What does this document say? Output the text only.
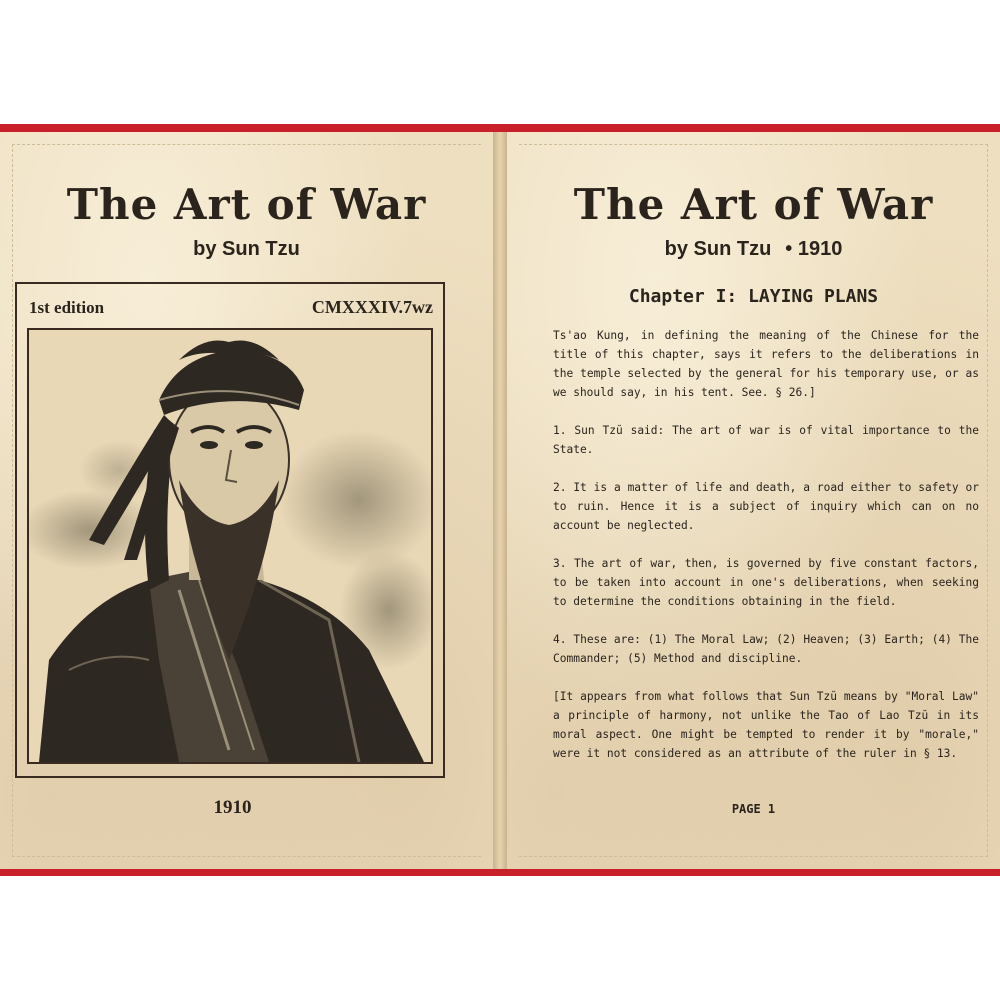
The Art of War
by Sun Tzu
1st edition	CMXXXIV.7wz
1910
The Art of War
by Sun Tzu • 1910
Chapter I: LAYING PLANS

Ts'ao Kung, in defining the meaning of the Chinese for the title of this chapter, says it refers to the deliberations in the temple selected by the general for his temporary use, or as we should say, in his tent. See. § 26.]

1. Sun Tzŭ said: The art of war is of vital importance to the State.

2. It is a matter of life and death, a road either to safety or to ruin. Hence it is a subject of inquiry which can on no account be neglected.

3. The art of war, then, is governed by five constant factors, to be taken into account in one's deliberations, when seeking to determine the conditions obtaining in the field.

4. These are: (1) The Moral Law; (2) Heaven; (3) Earth; (4) The Commander; (5) Method and discipline.

[It appears from what follows that Sun Tzŭ means by "Moral Law" a principle of harmony, not unlike the Tao of Lao Tzŭ in its moral aspect. One might be tempted to render it by "morale," were it not considered as an attribute of the ruler in § 13.

PAGE 1
